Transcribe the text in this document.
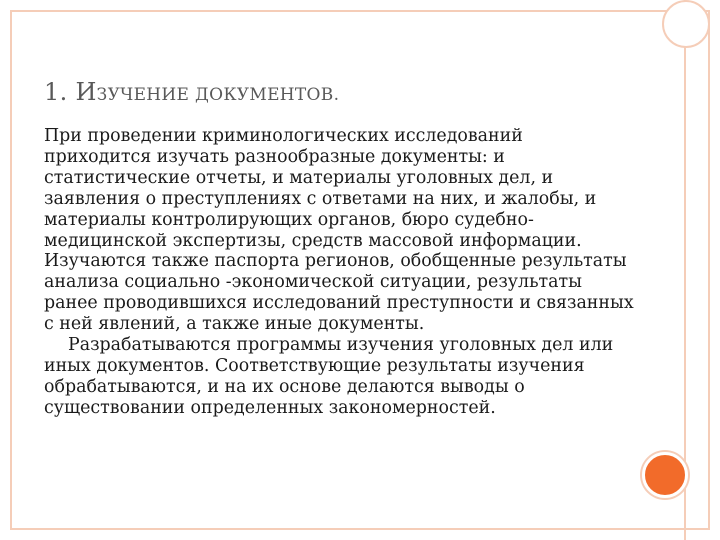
1. ИЗУЧЕНИЕ ДОКУМЕНТОВ.

При проведении криминологических исследований приходится изучать разнообразные документы: и статистические отчеты, и материалы уголовных дел, и заявления о преступлениях с ответами на них, и жалобы, и материалы контролирующих органов, бюро судебно-медицинской экспертизы, средств массовой информации. Изучаются также паспорта регионов, обобщенные результаты анализа социально -экономической ситуации, результаты ранее проводившихся исследований преступности и связанных с ней явлений, а также иные документы.

Разрабатываются программы изучения уголовных дел или иных документов. Соответствующие результаты изучения обрабатываются, и на их основе делаются выводы о существовании определенных закономерностей.
